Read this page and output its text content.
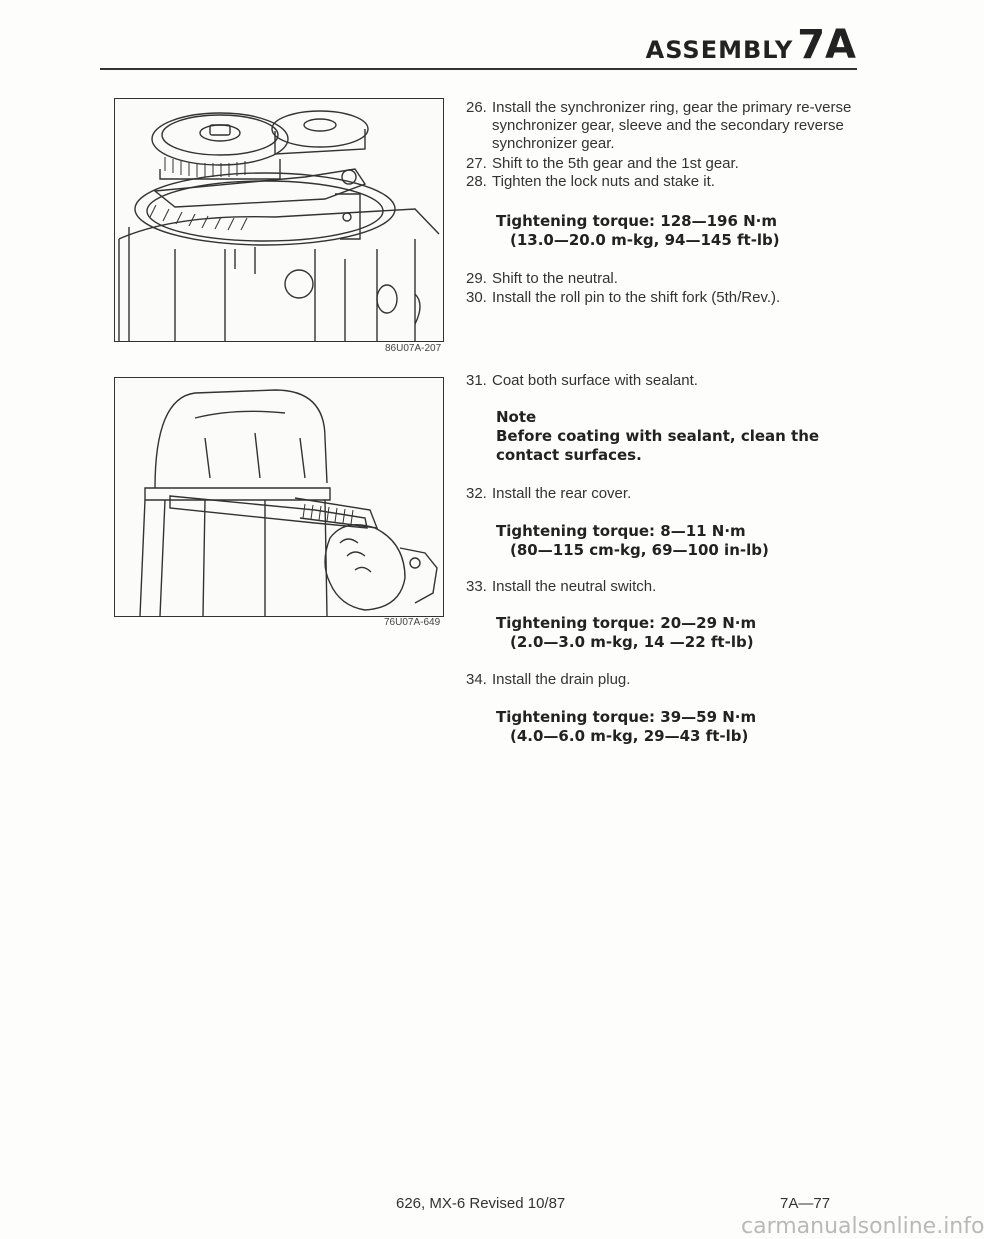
ASSEMBLY 7A
86U07A-207
76U07A-649
26. Install the synchronizer ring, gear the primary re-verse synchronizer gear, sleeve and the secondary reverse synchronizer gear.
27. Shift to the 5th gear and the 1st gear.
28. Tighten the lock nuts and stake it.
Tightening torque: 128—196 N·m
(13.0—20.0 m-kg, 94—145 ft-lb)
29. Shift to the neutral.
30. Install the roll pin to the shift fork (5th/Rev.).
31. Coat both surface with sealant.
Note
Before coating with sealant, clean the contact surfaces.
32. Install the rear cover.
Tightening torque: 8—11 N·m
(80—115 cm-kg, 69—100 in-lb)
33. Install the neutral switch.
Tightening torque: 20—29 N·m
(2.0—3.0 m-kg, 14 —22 ft-lb)
34. Install the drain plug.
Tightening torque: 39—59 N·m
(4.0—6.0 m-kg, 29—43 ft-lb)
626, MX-6 Revised 10/87	7A—77
carmanualsonline.info
